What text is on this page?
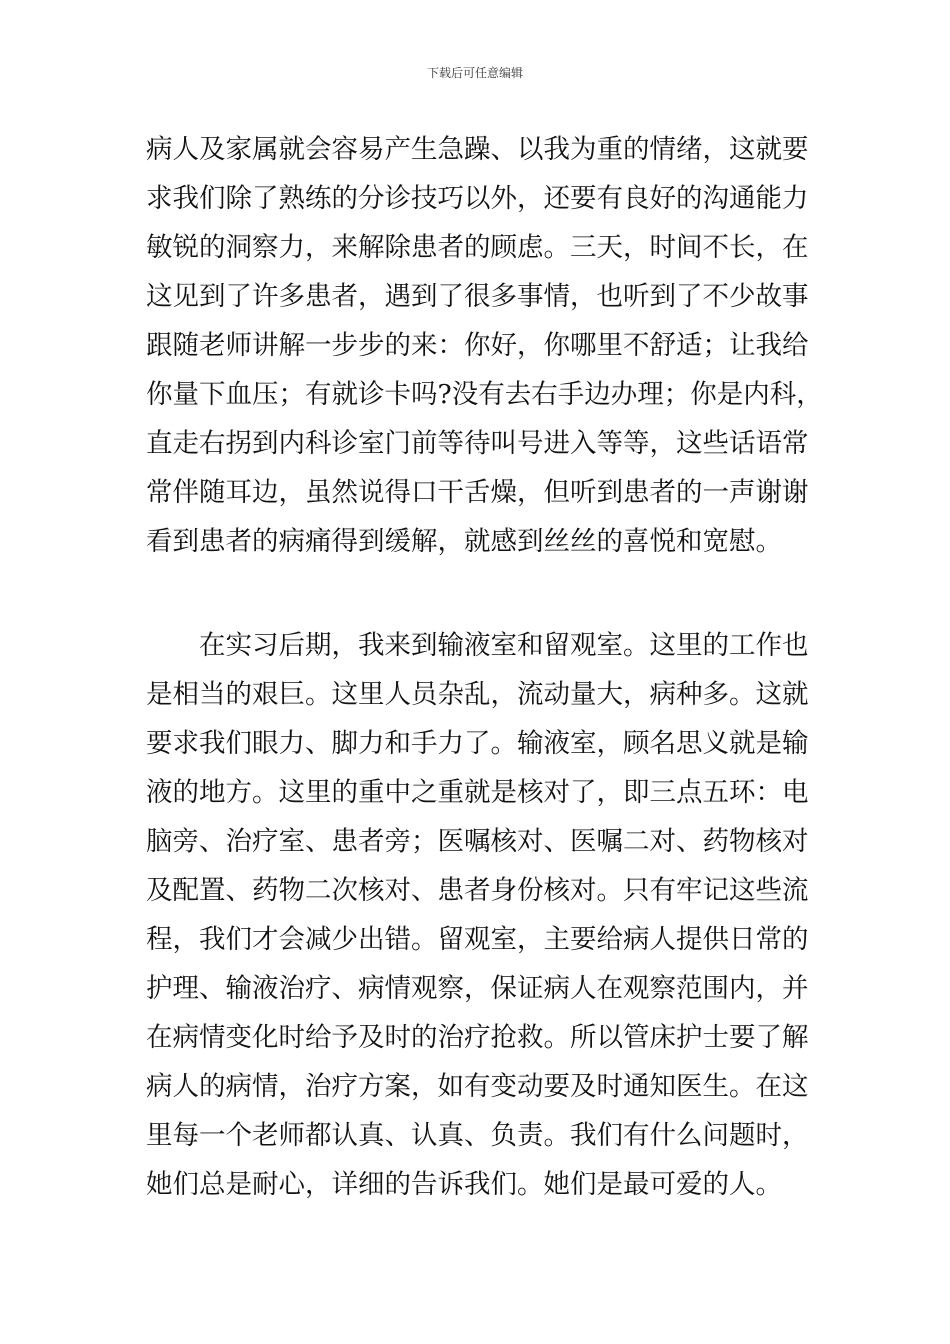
下载后可任意编辑
病人及家属就会容易产生急躁、以我为重的情绪，这就要
求我们除了熟练的分诊技巧以外，还要有良好的沟通能力
敏锐的洞察力，来解除患者的顾虑。三天，时间不长，在
这见到了许多患者，遇到了很多事情，也听到了不少故事
跟随老师讲解一步步的来：你好，你哪里不舒适；让我给
你量下血压；有就诊卡吗?没有去右手边办理；你是内科，
直走右拐到内科诊室门前等待叫号进入等等，这些话语常
常伴随耳边，虽然说得口干舌燥，但听到患者的一声谢谢
看到患者的病痛得到缓解，就感到丝丝的喜悦和宽慰。
在实习后期，我来到输液室和留观室。这里的工作也
是相当的艰巨。这里人员杂乱，流动量大，病种多。这就
要求我们眼力、脚力和手力了。输液室，顾名思义就是输
液的地方。这里的重中之重就是核对了，即三点五环：电
脑旁、治疗室、患者旁；医嘱核对、医嘱二对、药物核对
及配置、药物二次核对、患者身份核对。只有牢记这些流
程，我们才会减少出错。留观室，主要给病人提供日常的
护理、输液治疗、病情观察，保证病人在观察范围内，并
在病情变化时给予及时的治疗抢救。所以管床护士要了解
病人的病情，治疗方案，如有变动要及时通知医生。在这
里每一个老师都认真、认真、负责。我们有什么问题时，
她们总是耐心，详细的告诉我们。她们是最可爱的人。
